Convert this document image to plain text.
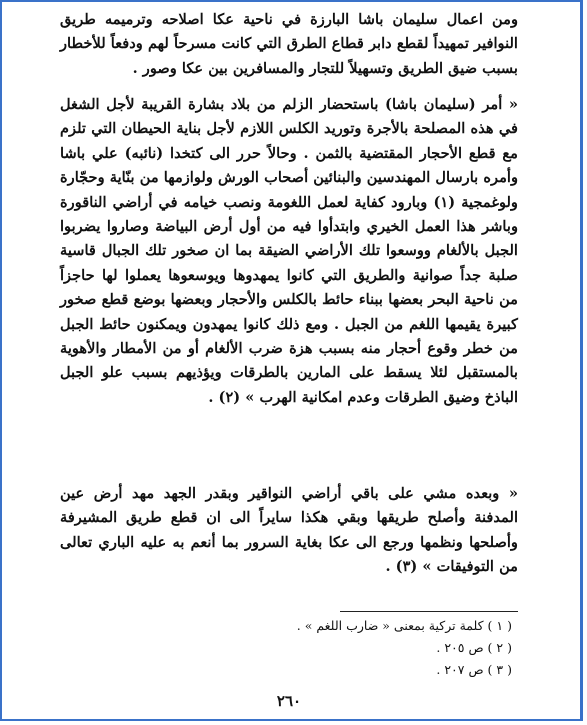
ومن اعمال سليمان باشا البارزة في ناحية عكا اصلاحه وترميمه طريق النوافير تمهيداً لقطع دابر قطاع الطرق التي كانت مسرحاً لهم ودفعاً للأخطار بسبب ضيق الطريق وتسهيلاً للتجار والمسافرين بين عكا وصور .

« أمر (سليمان باشا) باستحضار الزلم من بلاد بشارة القريبة لأجل الشغل في هذه المصلحة بالأجرة وتوريد الكلس اللازم لأجل بناية الحيطان التي تلزم مع قطع الأحجار المقتضية بالثمن . وحالاً حرر الى كتخدا (نائبه) علي باشا وأمره بارسال المهندسين والبنائين أصحاب الورش ولوازمها من بنّاية وحجّارة ولوغمجية (١) وبارود كفاية لعمل اللغومة ونصب خيامه في أراضي الناقورة وباشر هذا العمل الخيري وابتدأوا فيه من أول أرض البياضة وصاروا يضربوا الجبل بالألغام ووسعوا تلك الأراضي الضيقة بما ان صخور تلك الجبال قاسية صلبة جداً صوانية والطريق التي كانوا يمهدوها ويوسعوها يعملوا لها حاجزاً من ناحية البحر بعضها ببناء حائط بالكلس والأحجار وبعضها بوضع قطع صخور كبيرة يقيمها اللغم من الجبل . ومع ذلك كانوا يمهدون ويمكنون حائط الجبل من خطر وقوع أحجار منه بسبب هزة ضرب الألغام أو من الأمطار والأهوية بالمستقبل لئلا يسقط على المارين بالطرقات ويؤذيهم بسبب علو الجبل الباذخ وضيق الطرقات وعدم امكانية الهرب » (٢) .

« وبعده مشي على باقي أراضي النواقير وبقدر الجهد مهد أرض عين المدفنة وأصلح طريقها وبقي هكذا سايراً الى ان قطع طريق المشيرفة وأصلحها ونظمها ورجع الى عكا بغاية السرور بما أنعم به عليه الباري تعالى من التوفيقات » (٣) .

( ١ ) كلمة تركية بمعنى « ضارب اللغم » .
( ٢ ) ص ٢٠٥ .
( ٣ ) ص ٢٠٧ .
٢٦٠
